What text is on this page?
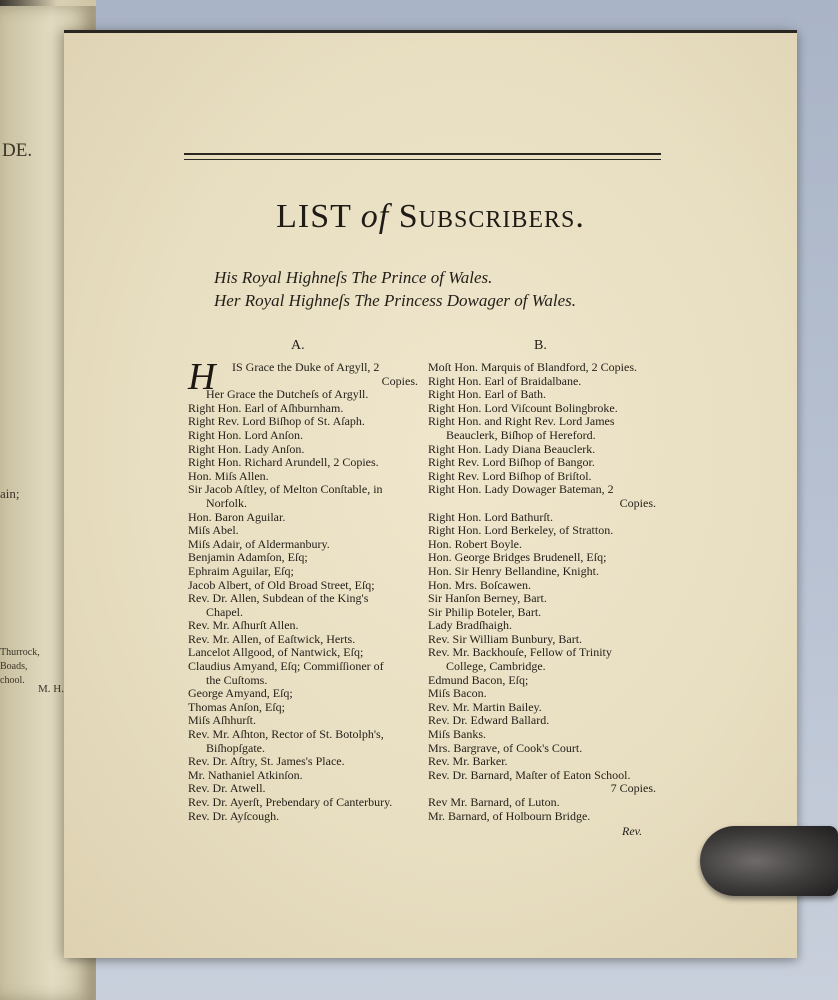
DE.
ain;
Thurrock,
Boads,
chool.
M. H.
LIST of Subscribers.
His Royal Highneſs The Prince of Wales.
Her Royal Highneſs The Princess Dowager of Wales.
A.	B.
H IS Grace the Duke of Argyll, 2
Copies.
Her Grace the Dutcheſs of Argyll.
Right Hon. Earl of Aſhburnham.
Right Rev. Lord Biſhop of St. Aſaph.
Right Hon. Lord Anſon.
Right Hon. Lady Anſon.
Right Hon. Richard Arundell, 2 Copies.
Hon. Miſs Allen.
Sir Jacob Aſtley, of Melton Conſtable, in
Norfolk.
Hon. Baron Aguilar.
Miſs Abel.
Miſs Adair, of Aldermanbury.
Benjamin Adamſon, Eſq;
Ephraim Aguilar, Eſq;
Jacob Albert, of Old Broad Street, Eſq;
Rev. Dr. Allen, Subdean of the King's
Chapel.
Rev. Mr. Aſhurſt Allen.
Rev. Mr. Allen, of Eaſtwick, Herts.
Lancelot Allgood, of Nantwick, Eſq;
Claudius Amyand, Eſq; Commiſſioner of
the Cuſtoms.
George Amyand, Eſq;
Thomas Anſon, Eſq;
Miſs Aſhhurſt.
Rev. Mr. Aſhton, Rector of St. Botolph's,
Biſhopſgate.
Rev. Dr. Aſtry, St. James's Place.
Mr. Nathaniel Atkinſon.
Rev. Dr. Atwell.
Rev. Dr. Ayerſt, Prebendary of Canterbury.
Rev. Dr. Ayſcough.
Moſt Hon. Marquis of Blandford, 2 Copies.
Right Hon. Earl of Braidalbane.
Right Hon. Earl of Bath.
Right Hon. Lord Viſcount Bolingbroke.
Right Hon. and Right Rev. Lord James
Beauclerk, Biſhop of Hereford.
Right Hon. Lady Diana Beauclerk.
Right Rev. Lord Biſhop of Bangor.
Right Rev. Lord Biſhop of Briſtol.
Right Hon. Lady Dowager Bateman, 2
Copies.
Right Hon. Lord Bathurſt.
Right Hon. Lord Berkeley, of Stratton.
Hon. Robert Boyle.
Hon. George Bridges Brudenell, Eſq;
Hon. Sir Henry Bellandine, Knight.
Hon. Mrs. Boſcawen.
Sir Hanſon Berney, Bart.
Sir Philip Boteler, Bart.
Lady Bradſhaigh.
Rev. Sir William Bunbury, Bart.
Rev. Mr. Backhouſe, Fellow of Trinity
College, Cambridge.
Edmund Bacon, Eſq;
Miſs Bacon.
Rev. Mr. Martin Bailey.
Rev. Dr. Edward Ballard.
Miſs Banks.
Mrs. Bargrave, of Cook's Court.
Rev. Mr. Barker.
Rev. Dr. Barnard, Maſter of Eaton School.
7 Copies.
Rev Mr. Barnard, of Luton.
Mr. Barnard, of Holbourn Bridge.
Rev.
